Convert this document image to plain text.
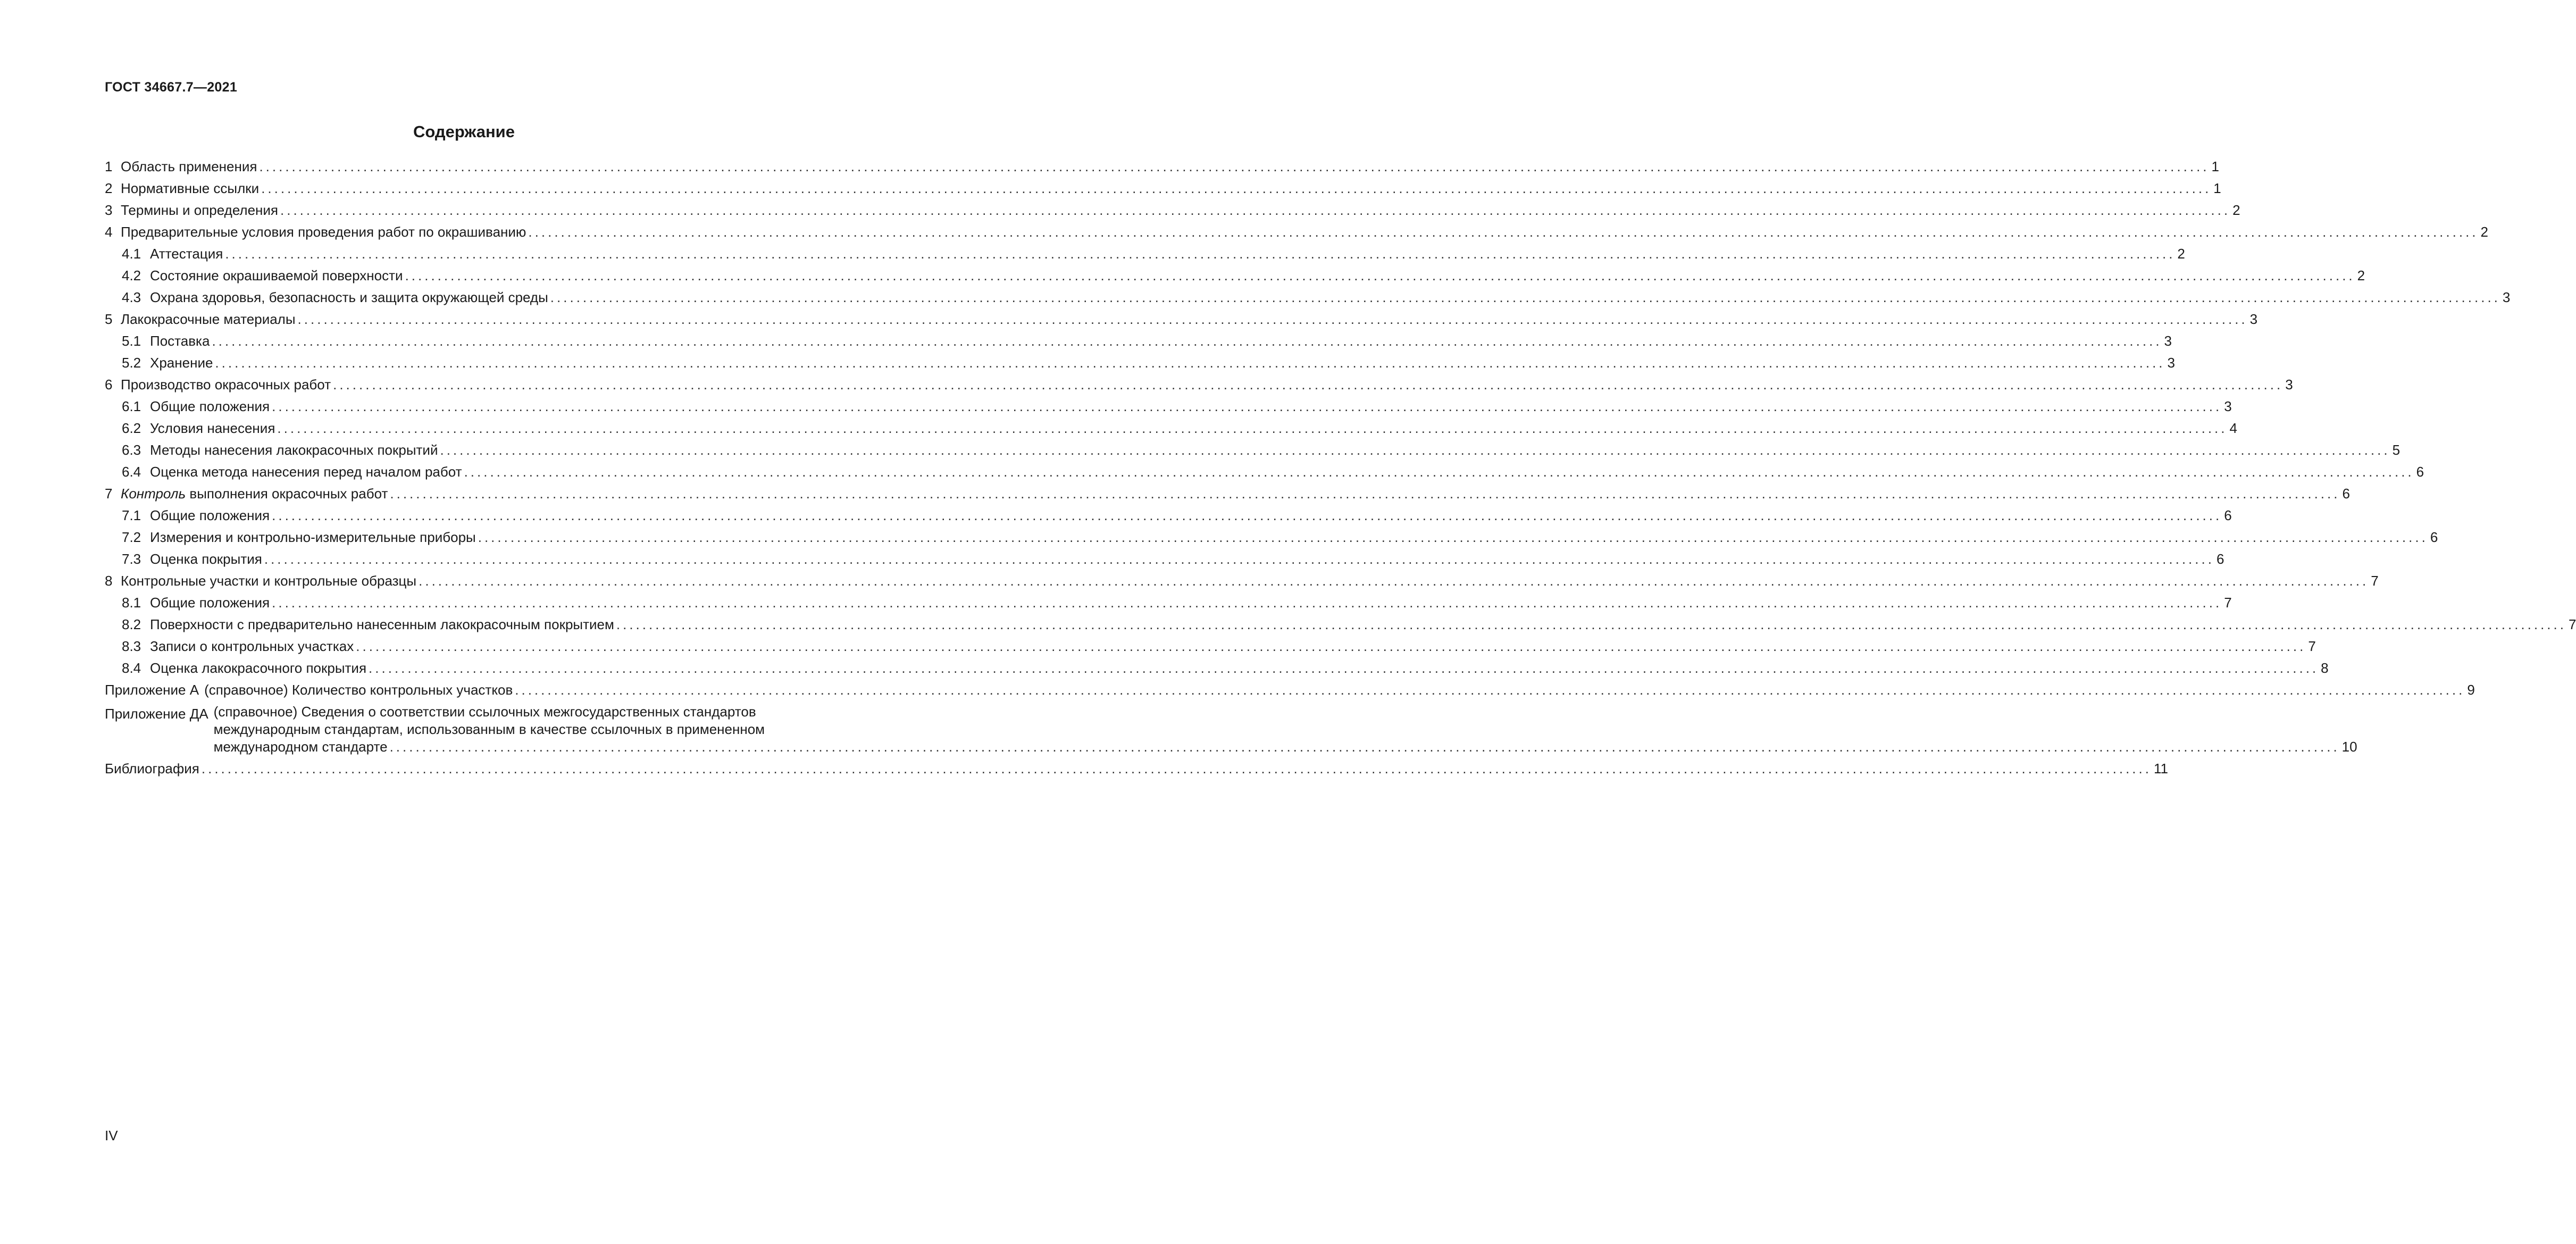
ГОСТ 34667.7—2021
Содержание
1 Область применения ............................................................................................................................................................................................................................................................................................................ 1
2 Нормативные ссылки ............................................................................................................................................................................................................................................................................................................ 1
3 Термины и определения ............................................................................................................................................................................................................................................................................................................ 2
4 Предварительные условия проведения работ по окрашиванию ............................................................................................................................................................................................................................................................................................................ 2
4.1 Аттестация ............................................................................................................................................................................................................................................................................................................ 2
4.2 Состояние окрашиваемой поверхности ............................................................................................................................................................................................................................................................................................................ 2
4.3 Охрана здоровья, безопасность и защита окружающей среды ............................................................................................................................................................................................................................................................................................................ 3
5 Лакокрасочные материалы ............................................................................................................................................................................................................................................................................................................ 3
5.1 Поставка ............................................................................................................................................................................................................................................................................................................ 3
5.2 Хранение ............................................................................................................................................................................................................................................................................................................ 3
6 Производство окрасочных работ ............................................................................................................................................................................................................................................................................................................ 3
6.1 Общие положения ............................................................................................................................................................................................................................................................................................................ 3
6.2 Условия нанесения ............................................................................................................................................................................................................................................................................................................ 4
6.3 Методы нанесения лакокрасочных покрытий ............................................................................................................................................................................................................................................................................................................ 5
6.4 Оценка метода нанесения перед началом работ ............................................................................................................................................................................................................................................................................................................ 6
7 Контроль выполнения окрасочных работ ............................................................................................................................................................................................................................................................................................................ 6
7.1 Общие положения ............................................................................................................................................................................................................................................................................................................ 6
7.2 Измерения и контрольно-измерительные приборы ............................................................................................................................................................................................................................................................................................................ 6
7.3 Оценка покрытия ............................................................................................................................................................................................................................................................................................................ 6
8 Контрольные участки и контрольные образцы ............................................................................................................................................................................................................................................................................................................ 7
8.1 Общие положения ............................................................................................................................................................................................................................................................................................................ 7
8.2 Поверхности с предварительно нанесенным лакокрасочным покрытием ............................................................................................................................................................................................................................................................................................................ 7
8.3 Записи о контрольных участках ............................................................................................................................................................................................................................................................................................................ 7
8.4 Оценка лакокрасочного покрытия ............................................................................................................................................................................................................................................................................................................ 8
Приложение А (справочное) Количество контрольных участков ............................................................................................................................................................................................................................................................................................................ 9
Приложение ДА (справочное) Сведения о соответствии ссылочных межгосударственных стандартов
международным стандартам, использованным в качестве ссылочных в примененном
международном стандарте ............................................................................................................................................................................................................................................................................................................ 10
Библиография ............................................................................................................................................................................................................................................................................................................ 11
IV
